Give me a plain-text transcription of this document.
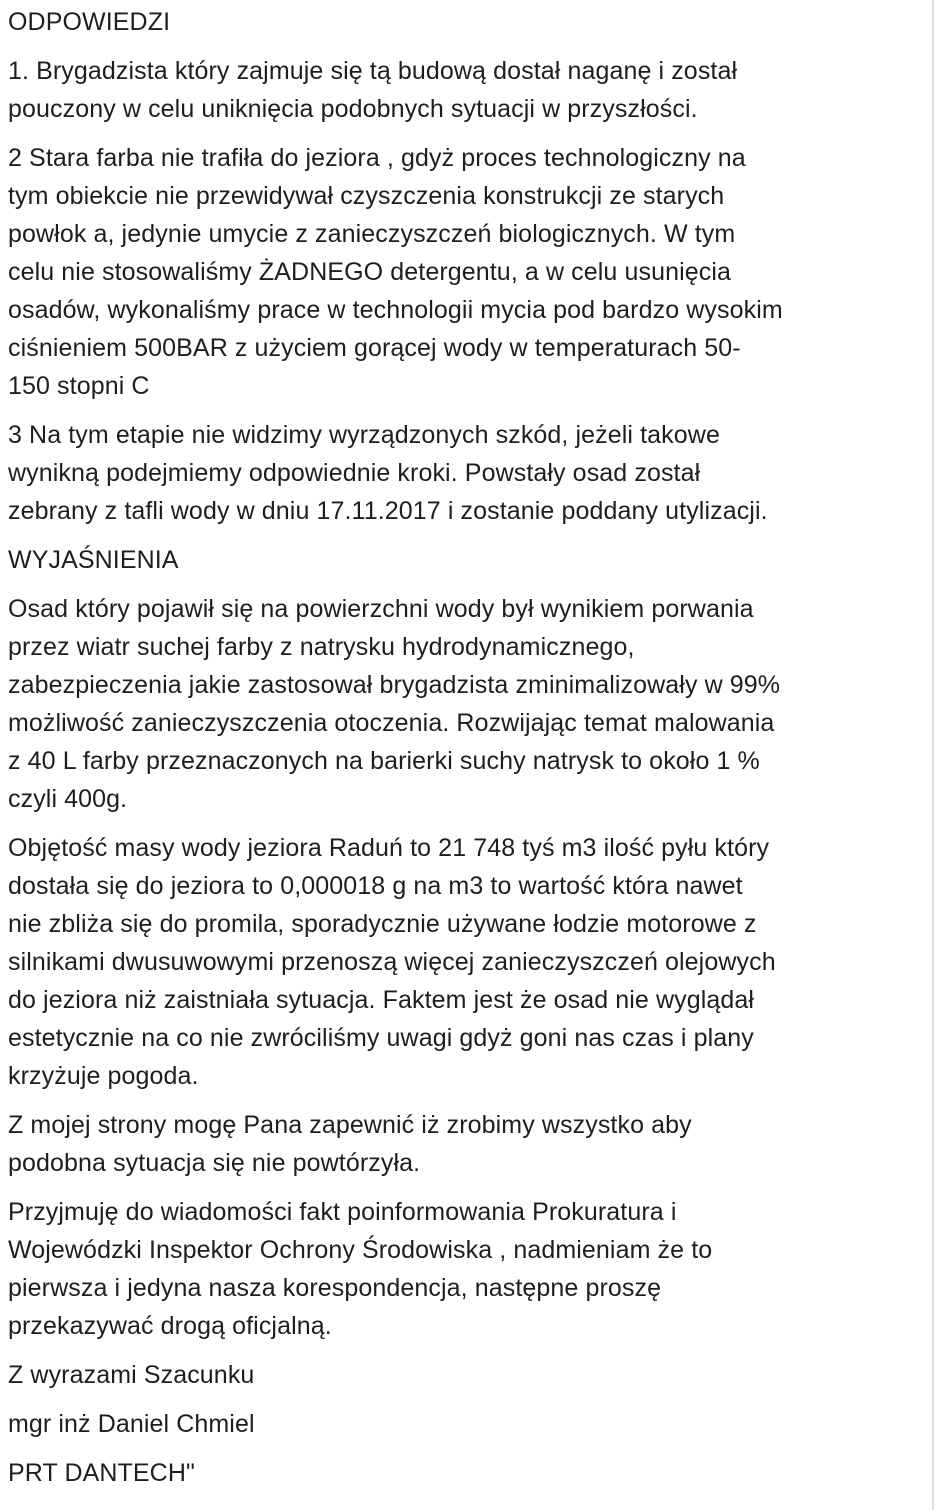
ODPOWIEDZI

1. Brygadzista który zajmuje się tą budową dostał naganę i został
pouczony w celu uniknięcia podobnych sytuacji w przyszłości.

2 Stara farba nie trafiła do jeziora , gdyż proces technologiczny na
tym obiekcie nie przewidywał czyszczenia konstrukcji ze starych
powłok a, jedynie umycie z zanieczyszczeń biologicznych. W tym
celu nie stosowaliśmy ŻADNEGO detergentu, a w celu usunięcia
osadów, wykonaliśmy prace w technologii mycia pod bardzo wysokim
ciśnieniem 500BAR z użyciem gorącej wody w temperaturach 50-
150 stopni C

3 Na tym etapie nie widzimy wyrządzonych szkód, jeżeli takowe
wynikną podejmiemy odpowiednie kroki. Powstały osad został
zebrany z tafli wody w dniu 17.11.2017 i zostanie poddany utylizacji.

WYJAŚNIENIA

Osad który pojawił się na powierzchni wody był wynikiem porwania
przez wiatr suchej farby z natrysku hydrodynamicznego,
zabezpieczenia jakie zastosował brygadzista zminimalizowały w 99%
możliwość zanieczyszczenia otoczenia. Rozwijając temat malowania
z 40 L farby przeznaczonych na barierki suchy natrysk to około 1 %
czyli 400g.

Objętość masy wody jeziora Raduń to 21 748 tyś m3 ilość pyłu który
dostała się do jeziora to 0,000018 g na m3 to wartość która nawet
nie zbliża się do promila, sporadycznie używane łodzie motorowe z
silnikami dwusuwowymi przenoszą więcej zanieczyszczeń olejowych
do jeziora niż zaistniała sytuacja. Faktem jest że osad nie wyglądał
estetycznie na co nie zwróciliśmy uwagi gdyż goni nas czas i plany
krzyżuje pogoda.

Z mojej strony mogę Pana zapewnić iż zrobimy wszystko aby
podobna sytuacja się nie powtórzyła.

Przyjmuję do wiadomości fakt poinformowania Prokuratura i
Wojewódzki Inspektor Ochrony Środowiska , nadmieniam że to
pierwsza i jedyna nasza korespondencja, następne proszę
przekazywać drogą oficjalną.

Z wyrazami Szacunku

mgr inż Daniel Chmiel

PRT DANTECH"
